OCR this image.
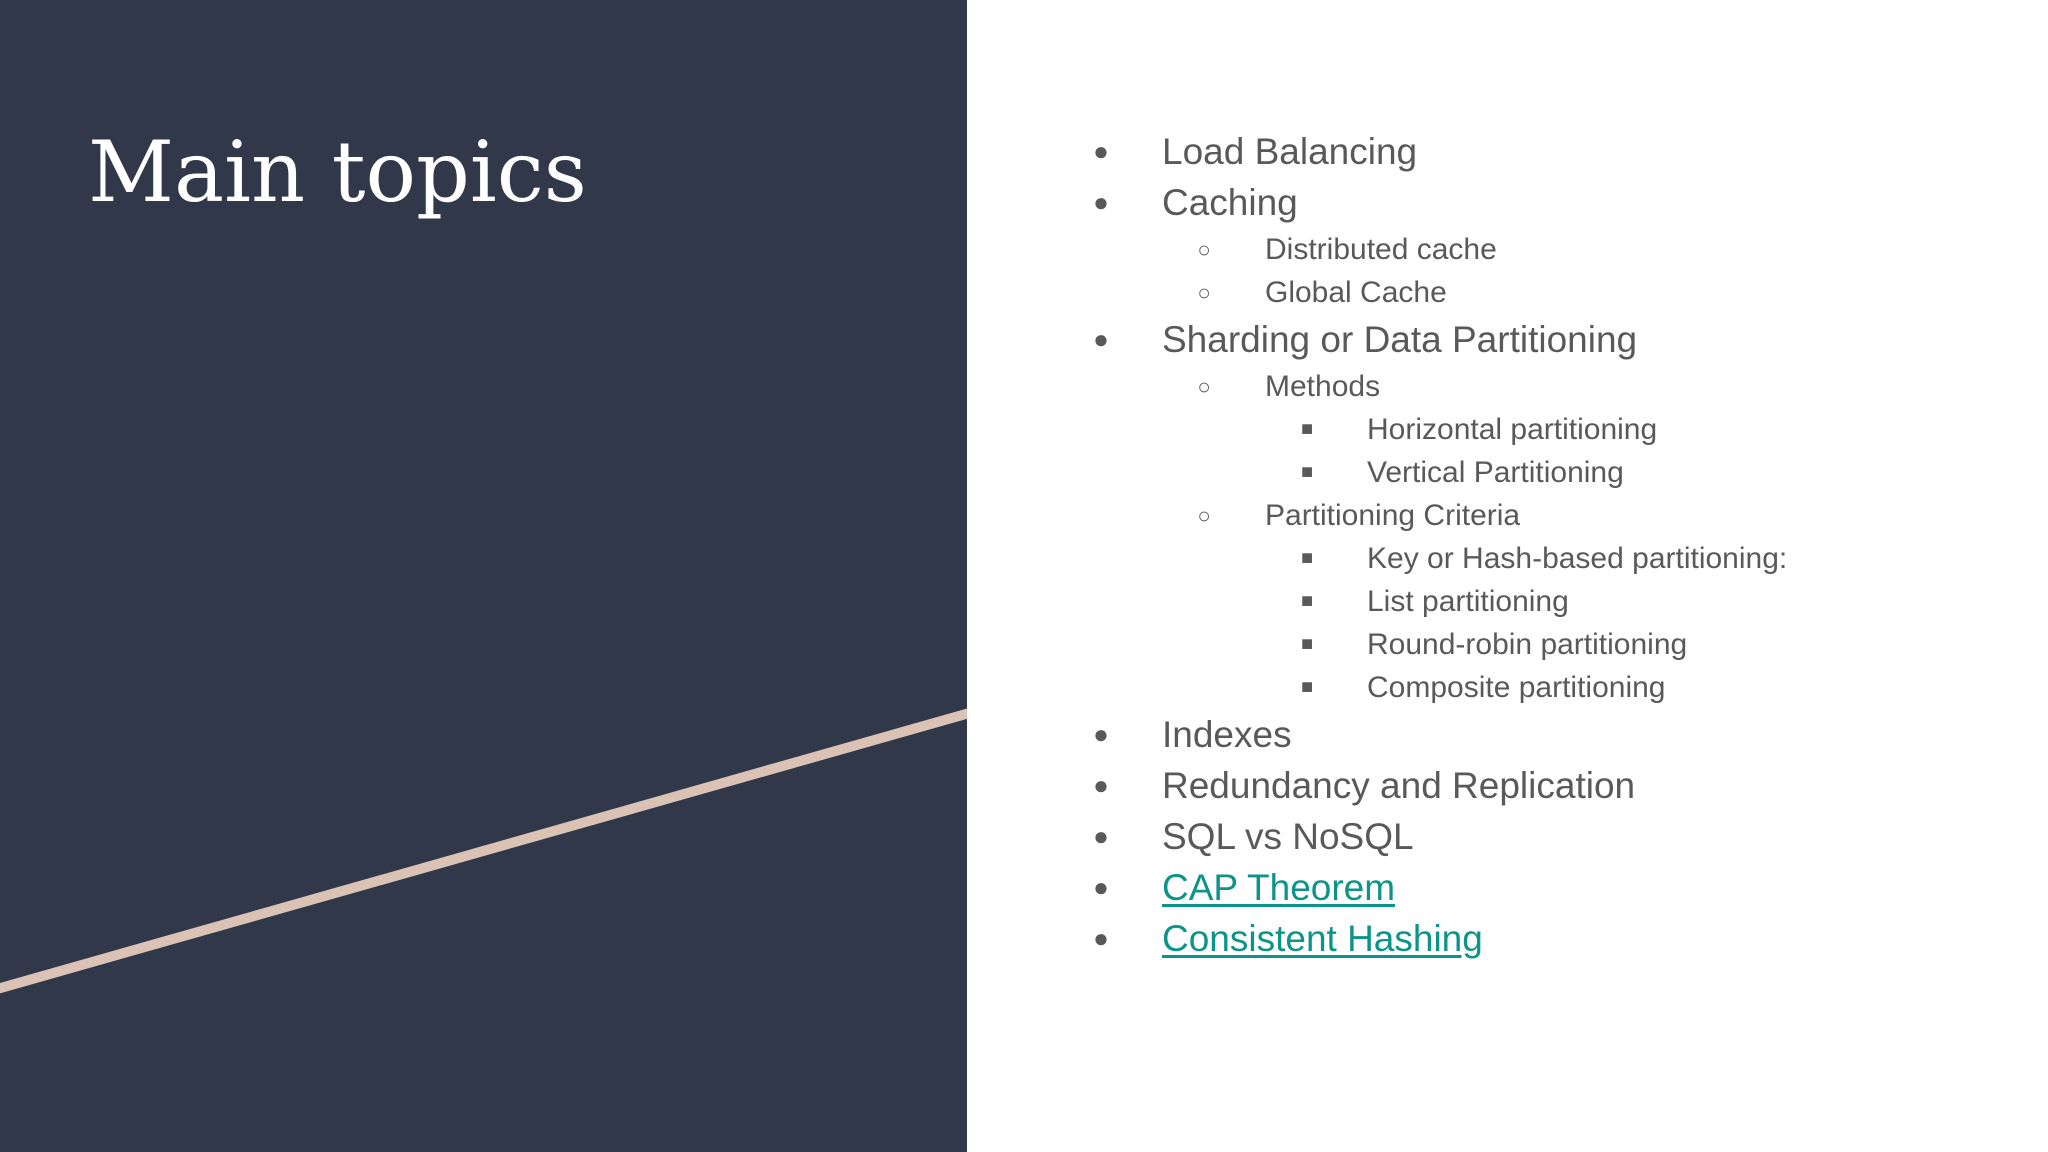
Main topics	● Load Balancing
● Caching
○ Distributed cache
○ Global Cache
● Sharding or Data Partitioning
○ Methods
■ Horizontal partitioning
■ Vertical Partitioning
○ Partitioning Criteria
■ Key or Hash-based partitioning:
■ List partitioning
■ Round-robin partitioning
■ Composite partitioning
● Indexes
● Redundancy and Replication
● SQL vs NoSQL
● CAP Theorem
● Consistent Hashing
